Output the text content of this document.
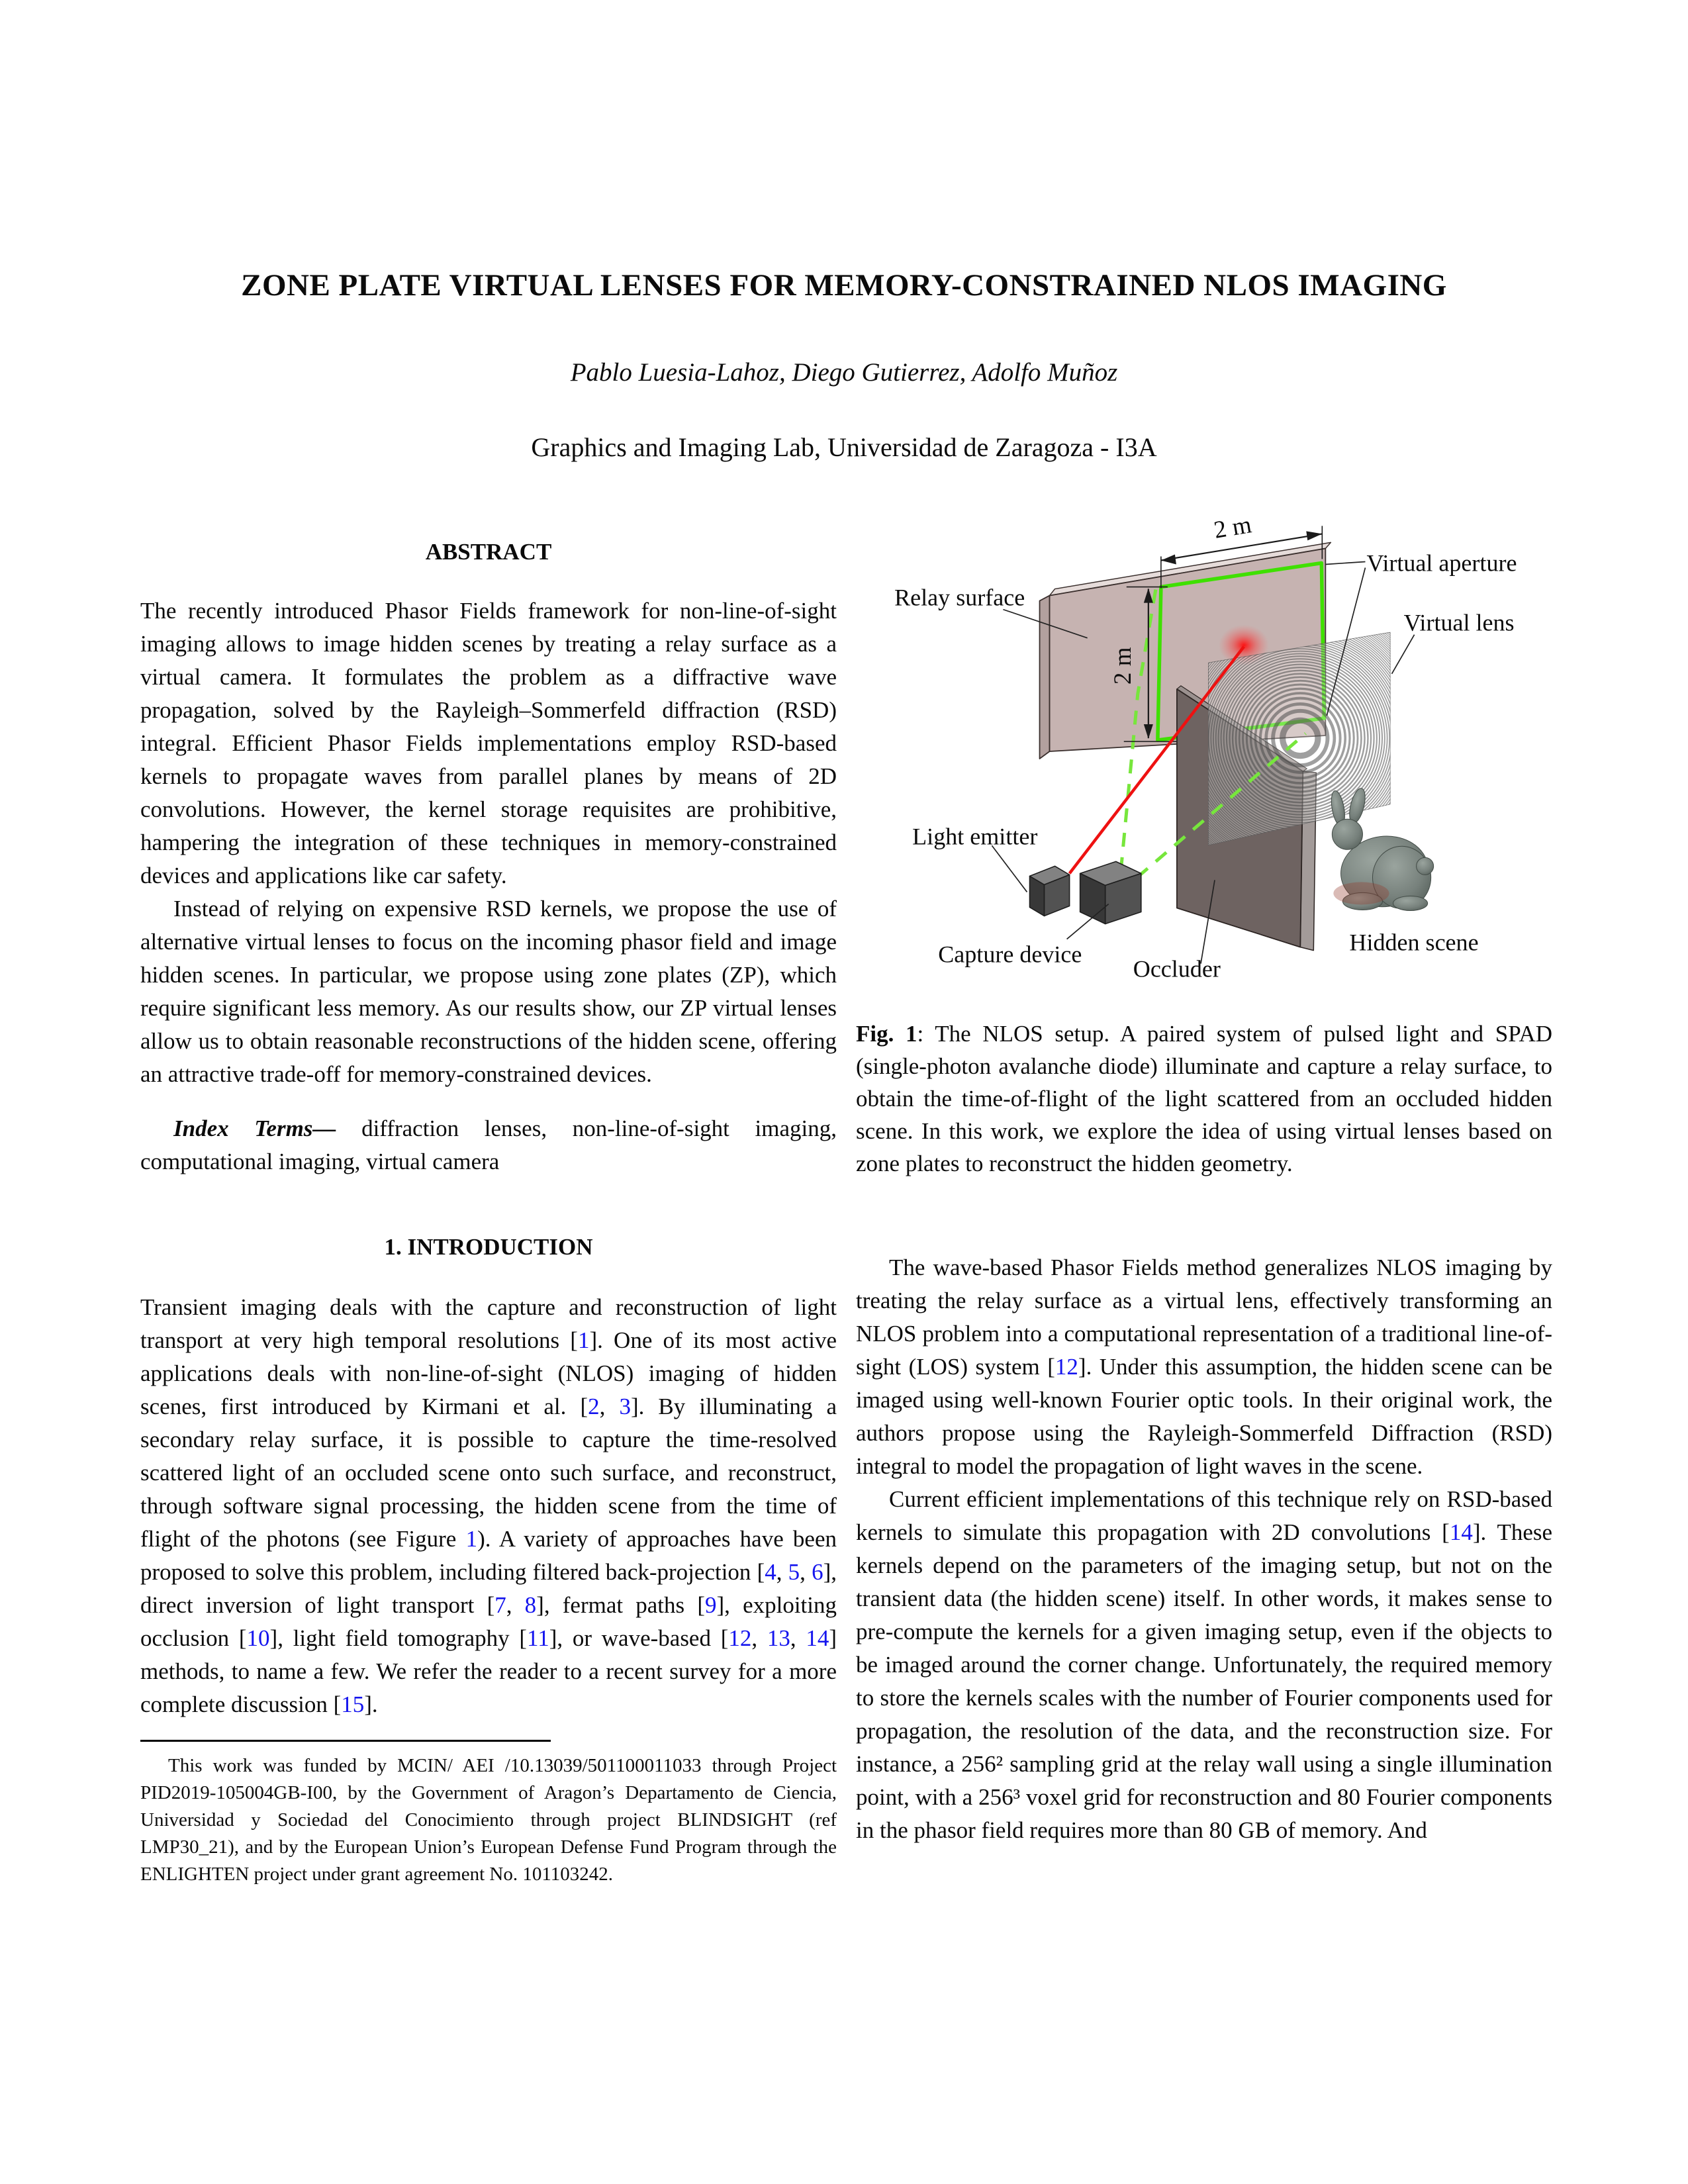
ZONE PLATE VIRTUAL LENSES FOR MEMORY-CONSTRAINED NLOS IMAGING
Pablo Luesia-Lahoz, Diego Gutierrez, Adolfo Muñoz
Graphics and Imaging Lab, Universidad de Zaragoza - I3A
ABSTRACT

The recently introduced Phasor Fields framework for non-line-of-sight imaging allows to image hidden scenes by treating a relay surface as a virtual camera. It formulates the problem as a diffractive wave propagation, solved by the Rayleigh–Sommerfeld diffraction (RSD) integral. Efficient Phasor Fields implementations employ RSD-based kernels to propagate waves from parallel planes by means of 2D convolutions. However, the kernel storage requisites are prohibitive, hampering the integration of these techniques in memory-constrained devices and applications like car safety.

Instead of relying on expensive RSD kernels, we propose the use of alternative virtual lenses to focus on the incoming phasor field and image hidden scenes. In particular, we propose using zone plates (ZP), which require significant less memory. As our results show, our ZP virtual lenses allow us to obtain reasonable reconstructions of the hidden scene, offering an attractive trade-off for memory-constrained devices.

Index Terms— diffraction lenses, non-line-of-sight imaging, computational imaging, virtual camera

1. INTRODUCTION

Transient imaging deals with the capture and reconstruction of light transport at very high temporal resolutions [1]. One of its most active applications deals with non-line-of-sight (NLOS) imaging of hidden scenes, first introduced by Kirmani et al. [2, 3]. By illuminating a secondary relay surface, it is possible to capture the time-resolved scattered light of an occluded scene onto such surface, and reconstruct, through software signal processing, the hidden scene from the time of flight of the photons (see Figure 1). A variety of approaches have been proposed to solve this problem, including filtered back-projection [4, 5, 6], direct inversion of light transport [7, 8], fermat paths [9], exploiting occlusion [10], light field tomography [11], or wave-based [12, 13, 14] methods, to name a few. We refer the reader to a recent survey for a more complete discussion [15].

This work was funded by MCIN/ AEI /10.13039/501100011033 through Project PID2019-105004GB-I00, by the Government of Aragon’s Departamento de Ciencia, Universidad y Sociedad del Conocimiento through project BLINDSIGHT (ref LMP30_21), and by the European Union’s European Defense Fund Program through the ENLIGHTEN project under grant agreement No. 101103242.

2 m
2 m
Relay surface
Virtual aperture
Virtual lens
Light emitter
Capture device
Occluder
Hidden scene

Fig. 1: The NLOS setup. A paired system of pulsed light and SPAD (single-photon avalanche diode) illuminate and capture a relay surface, to obtain the time-of-flight of the light scattered from an occluded hidden scene. In this work, we explore the idea of using virtual lenses based on zone plates to reconstruct the hidden geometry.

The wave-based Phasor Fields method generalizes NLOS imaging by treating the relay surface as a virtual lens, effectively transforming an NLOS problem into a computational representation of a traditional line-of-sight (LOS) system [12]. Under this assumption, the hidden scene can be imaged using well-known Fourier optic tools. In their original work, the authors propose using the Rayleigh-Sommerfeld Diffraction (RSD) integral to model the propagation of light waves in the scene.

Current efficient implementations of this technique rely on RSD-based kernels to simulate this propagation with 2D convolutions [14]. These kernels depend on the parameters of the imaging setup, but not on the transient data (the hidden scene) itself. In other words, it makes sense to pre-compute the kernels for a given imaging setup, even if the objects to be imaged around the corner change. Unfortunately, the required memory to store the kernels scales with the number of Fourier components used for propagation, the resolution of the data, and the reconstruction size. For instance, a 256² sampling grid at the relay wall using a single illumination point, with a 256³ voxel grid for reconstruction and 80 Fourier components in the phasor field requires more than 80 GB of memory. And
